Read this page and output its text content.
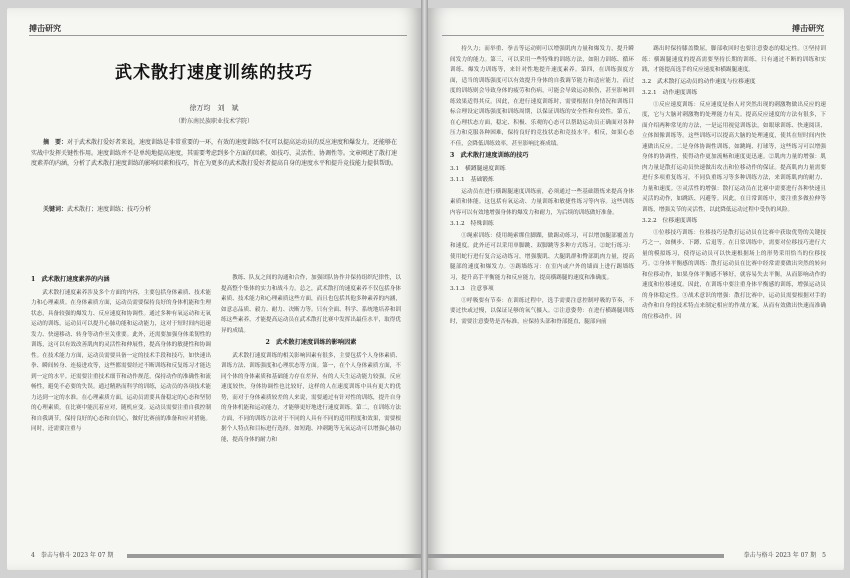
搏击研究
武术散打速度训练的技巧
徐万均　刘　斌
（黔东南民族职业技术学院）
摘　要：对于武术散打爱好者来说，速度训练是非常重要的一环，有效的速度训练不仅可以提高运动员的反应速度和爆发力，还能够在实战中发挥关键性作用。速度训练并不是单纯地提高速度，其需要考虑到多个方面的因素，如技巧、灵活性、协调性等。文章阐述了散打速度素养的内涵，分析了武术散打速度训练的影响因素和技巧，旨在为更多的武术散打爱好者提高自身的速度水平和提升竞技能力提供帮助。
关键词：武术散打；速度训练；技巧分析
1　武术散打速度素养的内涵

武术散打速度素养涉及多个方面的内容，主要包括身体素质、技术能力和心理素质。在身体素质方面，运动员需要保持良好的身体机能和生理状态，具备较强的爆发力、反应速度和协调性。通过多种有氧运动和无氧运动的训练，运动员可以提升心肺功能和运动能力，这对于短时间内迅速发力、快速移动、转身等动作至关重要。此外，还需要加强身体柔韧性的训练，这可以有效改善肌肉的灵活性和伸展性，提高身体的敏捷性和协调性。在技术能力方面，运动员需要具备一定的技术手段和技巧，如快速出拳、瞬间转身、连接进攻等，这些都需要经过不断训练和反复练习才能达到一定的水平。还需要注重技术细节和动作规范，保持动作的准确性和流畅性，避免不必要的失误。通过精熟而科学的训练，运动员的各项技术能力达到一定的水准。在心理素质方面，运动员需要具备稳定的心态和坚韧的心理素质，在比赛中能沉着应对，随机应变。运动员需要注重自我控制和自我调节，保持良好的心态和自信心，做好比赛前的准备和应对措施。同时，还需要注重与

教练、队友之间的沟通和合作，加强团队协作并保持组织纪律性，以提高整个集体的实力和战斗力。总之，武术散打的速度素养不仅包括身体素质、技术能力和心理素质这些方面，而且也包括其他多种素养的内涵，如意志品质、毅力、耐力、决断力等。只有全面、科学、系统地培养和训练这些素养，才能提高运动员在武术散打比赛中发挥出最佳水平，取得优异的成绩。

2　武术散打速度训练的影响因素

武术散打速度训练的相关影响因素有很多，主要包括个人身体素质、训练方法、训练强度和心理状态等方面。第一，在个人身体素质方面，不同个体的身体素质和基础能力存在差异，有的人天生运动能力较强，反应速度较快，身体协调性也比较好，这样的人在速度训练中具有更大的优势，而对于身体素质较差的人来说，需要通过有针对性的训练，提升自身的身体机能和运动能力，才能够更好地进行速度训练。第二，在训练方法方面，不同的训练方法对于不同的人具有不同的适用程度和效果，需要根据个人特点和目标进行选择。如短跑、冲刺跑等无氧运动可以增强心肺功能，提高身体的耐力和

4　 拳击与格斗 2023 年 07 期
搏击研究

持久力；而举重、拳击等运动则可以增强肌肉力量和爆发力，提升瞬间发力的能力。第三，可以采用一些特殊的训练方法，如阻力训练、循环训练、爆发力训练等，来针对性地提升速度素养。第四，在训练强度方面，适当的训练强度可以有效提升身体的自我调节能力和适应能力，而过度的训练则会导致身体的疲劳和伤病，可能会导致运动损伤，甚至影响训练效果适得其反。因此，在进行速度训练时，需要根据自身情况和训练目标合理设定训练强度和训练周期，以保证训练的安全性和有效性。第五，在心理状态方面，稳定、积极、乐观的心态可以帮助运动员正确面对各种压力和克服各种困难，保持良好的竞技状态和竞技水平。相反，如果心态不佳，会降低训练效率，甚至影响比赛成绩。

3　武术散打速度训练的技巧
3.1　横蹲腿速度训练
3.1.1　基础锻炼

运动员在进行横踢腿速度训练前，必须通过一些基础锻炼来提高身体素质和体能。这包括有氧运动、力量训练和敏捷性练习等内容。这些训练内容可以有效地增强身体的爆发力和耐力，为后续的训练做好准备。

3.1.2　特殊训练

①绳索训练：使用绳索绑住脚踝，做踢动练习，可以增加腿部覆盖力和速度。此外还可以采用单脚跳、双脚跳等多种方式练习。②蛇行练习：使用蛇行进行复合运动练习，增强腹肌、大腿肌群和臀部肌肉力量，提高腿部的速度和爆发力。③踢墙练习：在室内或户外的墙面上进行踢墙练习，提升高手平衡能力和反应能力，提高横踢腿的速度和准确度。

3.1.3　注意事项

①呼吸要有节奏：在训练过程中，选手需要注意控制呼吸的节奏，不要过快或过慢，以保证足够的氧气摄入。②注意姿势：在进行横踢腿训练时，需要注意姿势是否标准，应保持头部和脊部挺直，腿部向前

踢出时保持膝盖微屈，脚部收回时也要注意姿态的稳定性。③坚持训练：横踢腿速度的提高需要坚持长期的训练，只有通过不断的训练和实践，才能提高选手的反应速度和横踢腿速度。

3.2　武术散打运动员的动作速度与位移速度
3.2.1　动作速度训练

①反应速度训练：反应速度是指人对突然出现的刺激物做出反应的速度，它与大脑对刺激物的处理能力有关。提高反应速度的方法有很多，下面介绍两种常见的方法，一是运用视觉训练法，如眼球训练、快速阅读、立体图像训练等。这些训练可以提高大脑的处理速度，使其在短时间内快速做出反应。二是身体协调性训练，如跳绳、打球等，这些练习可以增强身体的协调性，使得动作更加流畅和速度更迅速。②肌肉力量的增强：肌肉力量是散打运动员快速做出攻击和位移动作的保证。提高肌肉力量需要进行多项重复练习，不同负重练习等多种训练方法，来训练肌肉的耐力、力量和速度。③灵活性的增强：散打运动员在比赛中需要进行各种快速且灵活的动作，如跳跃、闪避等。因此，在日常训练中，要注重多做拉伸等训练，增强关节的灵活性，以此降低运动过程中受伤的风险。

3.2.2　位移速度训练

①位移技巧训练：位移技巧是散打运动员在比赛中获取优势的关键技巧之一，如侧步、下蹲、后退等。在日常训练中，需要对位移技巧进行大量的模拟练习，使得运动员可以快速根据场上的形势采用恰当的位移技巧。②身体平衡感的训练：散打运动员在比赛中经常需要做出突然的转向和位移动作，如果身体平衡感不够好，就容易失去平衡，从而影响动作的速度和位移速度。因此，在训练中要注重身体平衡感的训练，增强运动员的身体稳定性。③战术意识的增强：散打比赛中，运动员需要根据对手的动作和自身的技术特点来制定相应的作战方案，从而有效做出快速而准确的位移动作。因

拳击与格斗 2023 年 07 期　 5
